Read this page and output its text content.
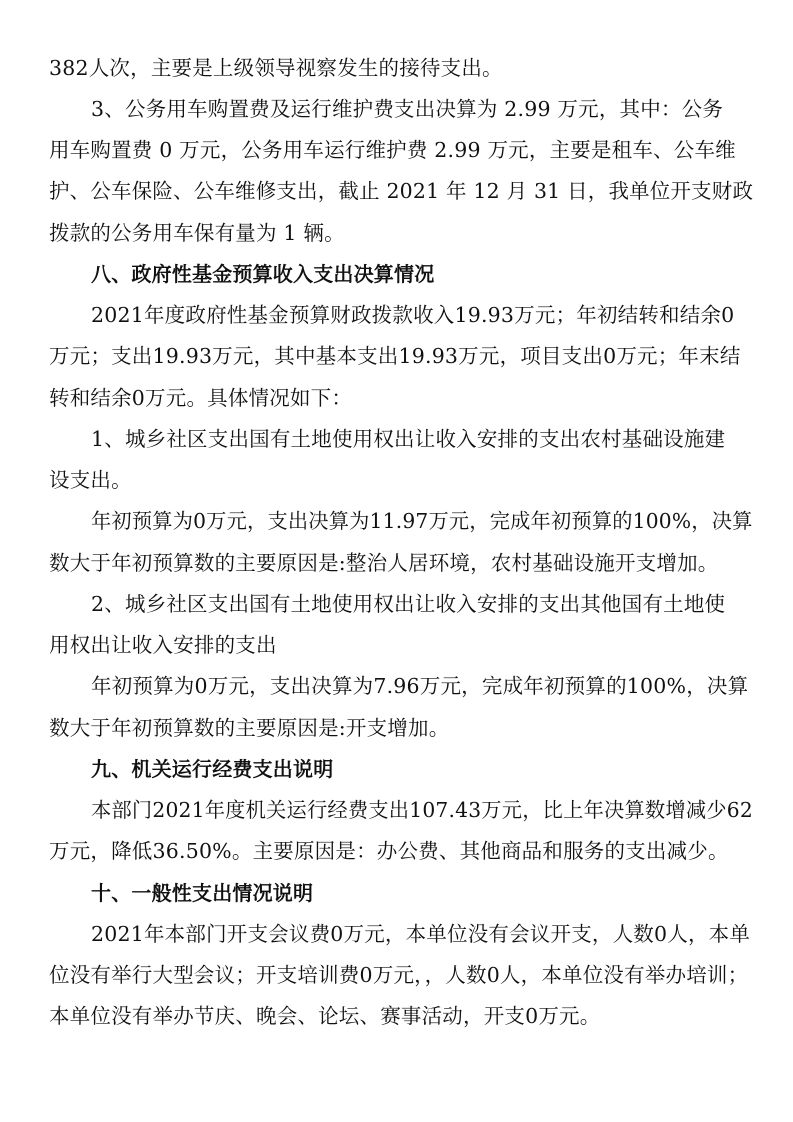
382人次，主要是上级领导视察发生的接待支出。
3、公务用车购置费及运行维护费支出决算为 2.99 万元，其中：公务
用车购置费 0 万元，公务用车运行维护费 2.99 万元，主要是租车、公车维
护、公车保险、公车维修支出，截止 2021 年 12 月 31 日，我单位开支财政
拨款的公务用车保有量为 1 辆。
八、政府性基金预算收入支出决算情况
2021年度政府性基金预算财政拨款收入19.93万元；年初结转和结余0
万元；支出19.93万元，其中基本支出19.93万元，项目支出0万元；年末结
转和结余0万元。具体情况如下：
1、城乡社区支出国有土地使用权出让收入安排的支出农村基础设施建
设支出。
年初预算为0万元，支出决算为11.97万元，完成年初预算的100%，决算
数大于年初预算数的主要原因是:整治人居环境，农村基础设施开支增加。
2、城乡社区支出国有土地使用权出让收入安排的支出其他国有土地使
用权出让收入安排的支出
年初预算为0万元，支出决算为7.96万元，完成年初预算的100%，决算
数大于年初预算数的主要原因是:开支增加。
九、机关运行经费支出说明
本部门2021年度机关运行经费支出107.43万元，比上年决算数增减少62
万元，降低36.50%。主要原因是：办公费、其他商品和服务的支出减少。
十、一般性支出情况说明
2021年本部门开支会议费0万元，本单位没有会议开支，人数0人，本单
位没有举行大型会议；开支培训费0万元，，人数0人，本单位没有举办培训；
本单位没有举办节庆、晚会、论坛、赛事活动，开支0万元。
